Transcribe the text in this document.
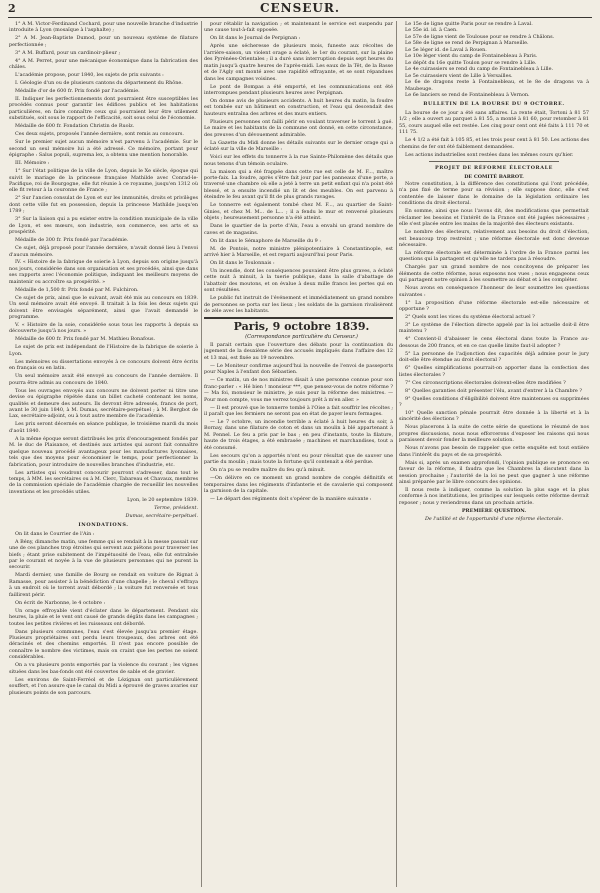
2	CENSEUR.

1° A M. Victor-Ferdinand Cochard, pour une nouvelle branche d'industrie introduite à Lyon (mosaïque à l'asphalte) ;

2° A M. Jean-Baptiste Dumod, pour un nouveau système de filature perfectionnée ;

3° A M. Buffard, pour un cardinoir-plieur ;

4° A M. Perret, pour une mécanique économique dans la fabrication des châles.

L'académie propose, pour 1840, les sujets de prix suivants :

I. Géologie d'un ou de plusieurs cantons du département du Rhône.

Médaille d'or de 600 fr. Prix fondé par l'académie.

II. Indiquer les perfectionnements dont pourraient être susceptibles les procédés connus pour garantir les édifices publics et les habitations particulières, en faire connaître ceux qui pourraient leur être utilement substitués, soit sous le rapport de l'efficacité, soit sous celui de l'économie.

Médaille de 600 fr. Fondation Christin de Ruolz.

Ces deux sujets, proposés l'année dernière, sont remis au concours.

Sur le premier sujet aucun mémoire n'est parvenu à l'académie. Sur le second un seul mémoire lui a été adressé. Ce mémoire, portant pour épigraphe : Salus populi, suprema lex, a obtenu une mention honorable.

III. Mémoire :

1° Sur l'état politique de la ville de Lyon, depuis le Xe siècle, époque qui suivit le mariage de la princesse française Mathilde avec Conrad-le-Pacifique, roi de Bourgogne, elle fut réunie à ce royaume, jusqu'en 1312 où elle fit retour à la couronne de France ;

2° Sur l'ancien consulat de Lyon et sur les immunités, droits et privilèges dont cette ville fut en possession, depuis la princesse Mathilde jusqu'en 1789 ;

3° Sur la liaison qui a pu exister entre la condition municipale de la ville de Lyon, et ses mœurs, son industrie, son commerce, ses arts et sa prospérité.

Médaille de 300 fr. Prix fondé par l'académie.

Ce sujet, déjà proposé pour l'année dernière, n'avait donné lieu à l'envoi d'aucun mémoire.

IV. « Histoire de la fabrique de soierie à Lyon, depuis son origine jusqu'à nos jours, considérée dans son organisation et ses procédés, ainsi que dans ses rapports avec l'économie politique, indiquant les meilleurs moyens de maintenir ou accroître sa prospérité. »

Médaille de 1,500 fr. Prix fondé par M. Fulchiron.

Ce sujet de prix, ainsi que le suivant, avait été mis au concours en 1839. Un seul mémoire avait été envoyé. Il traitait à la fois les deux sujets qui doivent être envisagés séparément, ainsi que l'avait demandé le programme.

V. « Histoire de la soie, considérée sous tous les rapports à depuis sa découverte jusqu'à nos jours. »

Médaille de 600 fr. Prix fondé par M. Mathieu Bonafous.

Le sujet de prix est indépendant de l'Histoire de la fabrique de soierie à Lyon.

Les mémoires ou dissertations envoyés à ce concours doivent être écrits en français ou en latin.

Un seul mémoire avait été envoyé au concours de l'année dernière. Il pourra être admis au concours de 1840.

Tous les ouvrages envoyés aux concours ne doivent porter ni titre une devise ou épigraphe répétée dans un billet cacheté contenant les noms, qualités et demeure des auteurs. Ils devront être adressés, francs de port, avant le 30 juin 1840, à M. Dumas, secrétaire-perpétuel ; à M. Bergbot de Lax, secrétaire-adjoint, ou à tout autre membre de l'académie.

Les prix seront décernés en séance publique, le troisième mardi du mois d'août 1840.

A la même époque seront distribués les prix d'encouragement fondés par M. le duc de Plaisance, et destinés aux artistes qui auront fait connaître quelque nouveau procédé avantageux pour les manufactures lyonnaises, tels que des moyens pour économiser le temps, pour perfectionner la fabrication, pour introduire de nouvelles branches d'industrie, etc.

Les artistes qui voudront concourir pourront s'adresser, dans tout le temps, à MM. les secrétaires ou à M. Clerc, Tabareau et Chavaux, membres de la commission spéciale de l'académie chargée de recueillir les nouvelles inventions et les procédés utiles.

Lyon, le 20 septembre 1839.

Terme, président.

Dumas, secrétaire-perpétuel.

INONDATIONS.

On lit dans le Courrier de l'Ain :

A Bény, dimanche matin, une femme qui se rendait à la messe passait sur une de ces planches trop étroites qui servent aux piétons pour traverser les biefs ; étant prise subitement de l'impétuosité de l'eau, elle fut entraînée par le courant et noyée à la vue de plusieurs personnes qui ne purent la secourir.

Mardi dernier, une famille de Bourg se rendait en voiture de Rignat à Ramasse, pour assister à la bénédiction d'une chapelle ; le cheval s'effraya à un endroit où le torrent avait débordé ; la voiture fut renversée et tous faillirent périr.

On écrit de Narbonne, le 4 octobre :

Un orage effroyable vient d'éclater dans le département. Pendant six heures, la pluie et le vent ont causé de grands dégâts dans les campagnes ; toutes les petites rivières et les ruisseaux ont débordé.

Dans plusieurs communes, l'eau s'est élevée jusqu'au premier étage. Plusieurs propriétaires ont perdu leurs troupeaux, des arbres ont été déracinés et des chemins emportés. Il n'est pas encore possible de connaître le nombre des victimes, mais on craint que les pertes ne soient considérables.

On a vu plusieurs ponts emportés par la violence du courant ; les vignes situées dans les bas-fonds ont été couvertes de sable et de gravier.

Les environs de Saint-Ferréol et de Lézignan ont particulièrement souffert, et l'on assure que le canal du Midi a éprouvé de graves avaries sur plusieurs points de son parcours.

pour rétablir la navigation ; et maintenant le service est suspendu par une cause tout-à-fait opposée.

On lit dans le Journal de Perpignan :

Après une sécheresse de plusieurs mois, funeste aux récoltes de l'arrière-saison, un violent orage a éclaté, le 1er du courant, sur la plaine des Pyrénées-Orientales ; il a duré sans interruption depuis sept heures du matin jusqu'à quatre heures de l'après-midi. Les eaux de la Têt, de la Basse et de l'Agly ont monté avec une rapidité effrayante, et se sont répandues dans les campagnes voisines.

Le pont de Bompas a été emporté, et les communications ont été interrompues pendant plusieurs heures avec Perpignan.

On donne avis de plusieurs accidents. A huit heures du matin, la foudre est tombée sur un bâtiment en construction, et l'eau qui descendait des hauteurs entraîna des arbres et des murs entiers.

Plusieurs personnes ont failli périr en voulant traverser le torrent à gué. Le maire et les habitants de la commune ont donné, en cette circonstance, des preuves d'un dévouement admirable.

La Gazette du Midi donne les détails suivants sur le dernier orage qui a éclaté sur la ville de Marseille :

Voici sur les effets du tonnerre à la rue Sainte-Philomène des détails que nous tenons d'un témoin oculaire.

La maison qui a été frappée dans cette rue est celle de M. F..., maître porte-faix. La foudre, après s'être fait jour par les panneaux d'une porte, a traversé une chambre où elle a jeté à terre un petit enfant qui n'a point été blessé, et a ensuite incendié un lit et des meubles. On est parvenu à éteindre le feu avant qu'il fit de plus grands ravages.

Le tonnerre est également tombé chez M. F..., au quartier de Saint-Ginies, et chez M. M... de L... ; il a fendu le mur et renversé plusieurs objets ; heureusement personne n'a été atteint.

Dans le quartier de la porte d'Aix, l'eau a envahi un grand nombre de caves et de magasins.

On lit dans le Sémaphore de Marseille du 9 :

M. de Pontois, notre ministre plénipotentiaire à Constantinople, est arrivé hier à Marseille, et est reparti aujourd'hui pour Paris.

On lit dans le Toulonnais :

Un incendie, dont les conséquences pouvaient être plus graves, a éclaté cette nuit à minuit, à la tuerie publique, dans la salle d'abattage de l'abattoir des moutons, et on évalue à deux mille francs les pertes qui en sont résultées.

Le public fut instruit de l'événement et immédiatement un grand nombre de personnes se porta sur les lieux ; les soldats de la garnison rivalisèrent de zèle avec les habitants.

Paris, 9 octobre 1839.

(Correspondance particulière du Censeur.)

Il parait certain que l'ouverture des débats pour la continuation du jugement de la deuxième série des accusés impliqués dans l'affaire des 12 et 13 mai, est fixée au 19 novembre.

— Le Moniteur confirme aujourd'hui la nouvelle de l'envoi de passeports pour Naples à l'enfant don Sébastien.

— Ce matin, un de nos ministres disait à une personne connue pour son franc-parler : « Hé bien ! monsieur ***, que pensez-vous de notre réforme ? — Ma foi, monsieur le ministre, je suis pour la réforme des ministres. — Pour mon compte, vous me verrez toujours prêt à m'en aller. »

— Il est prouvé que le tonnerre tombé à l'Oise a fait souffrir les récoltes ; il paraît que les fermiers ne seront pas en état de payer leurs fermages.

— Le 7 octobre, un incendie terrible a éclaté à huit heures du soir, à Bornay, dans une filature de coton et dans un moulin à blé appartenant à M. Pennel. Le feu a pris par le bas ; en peu d'instants, toute la filature, haute de trois étages, a été embrasée ; machines et marchandises, tout a été consumé.

Les secours qu'on a apportés n'ont eu pour résultat que de sauver une partie du moulin ; mais toute la fortune qu'il contenait a été perdue.

On n'a pu se rendre maître du feu qu'à minuit.

—On délivre en ce moment un grand nombre de congés définitifs et temporaires dans les régiments d'infanterie et de cavalerie qui composent la garnison de la capitale.

— Le départ des régiments doit s'opérer de la manière suivante :

Le 15e de ligne quitte Paris pour se rendre à Laval.

Le 55e id. id. à Caen.

Le 57e de ligne vient de Toulouse pour se rendre à Châlons.

Le 58e de ligne se rend de Perpignan à Marseille.

Le 5e léger id. de Laval à Rouen.

Le 10e léger vient du camp de Fontainebleau à Paris.

Le dépôt du 16e quitte Toulon pour se rendre à Lille.

Le 4e cuirassiers se rend du camp de Fontainebleau à Lille.

Le 5e cuirassiers vient de Lille à Versailles.

Le 6e de dragons reste à Fontainebleau, et le 8e de dragons va à Maubeuge.

Le 6e lanciers se rend de Fontainebleau à Vernon.

BULLETIN DE LA BOURSE DU 9 OCTOBRE.

La bourse de ce jour a été sans affaires. La rente était, Tortoni à 81 57 1/2 ; elle a ouvert au parquet à 81 55, a monté à 81 60, pour retomber à 81 55, cours auquel elle est restée. Les cinq pour cent ont été faits à 111 70 et 111 75.

Le 4 1/2 a été fait à 105 85, et les trois pour cent à 81 50. Les actions des chemins de fer ont été faiblement demandées.

Les actions industrielles sont restées dans les mêmes cours qu'hier.

PROJET DE RÉFORME ÉLECTORALE

DE COMITÉ BARROT.

Notre constitution, à la différence des constitutions qui l'ont précédée, n'a pas fixé de terme pour sa révision ; elle suppose donc, elle s'est contentée de laisser dans le domaine de la législation ordinaire les conditions du droit électoral.

En somme, ainsi que nous l'avons dit, des modifications que permettait réclamer les besoins et l'intérêt de la France ont été jugées nécessaires ; elle s'est placée entre les mains de la majorité des électeurs existants.

Le nombre des électeurs, relativement aux besoins du droit d'élection, est beaucoup trop restreint ; une réforme électorale est donc devenue nécessaire.

La réforme électorale est déterminée à l'ordre de la France parmi les questions qui la partagent et qu'elle ne tardera pas à résoudre.

Chargés par un grand nombre de nos concitoyens de préparer les éléments de cette réforme, nous exposons nos vues ; nous engageons ceux qui partagent notre opinion à les soumettre au débat et à les compléter.

Nous avons en conséquence l'honneur de leur soumettre les questions suivantes :

1° La proposition d'une réforme électorale est-elle nécessaire et opportune ?

2° Quels sont les vices du système électoral actuel ?

3° Le système de l'élection directe appelé par la loi actuelle doit-il être maintenu ?

4° Convient-il d'abaisser le cens électoral dans toute la France au-dessous de 200 francs, et en ce cas quelle limite faut-il adopter ?

5° La personne de l'adjonction des capacités déjà admise pour le jury doit-elle être étendue au droit électoral ?

6° Quelles simplifications pourrait-on apporter dans la confection des listes électorales ?

7° Ces circonscriptions électorales doivent-elles être modifiées ?

8° Quelles garanties doit présenter l'élu, avant d'entrer à la Chambre ?

9° Quelles conditions d'éligibilité doivent être maintenues ou supprimées ?

10° Quelle sanction pénale pourrait être donnée à la liberté et à la sincérité des élections ?

Nous placerons à la suite de cette série de questions le résumé de nos propres discussions, nous nous efforcerons d'exposer les raisons qui nous paraissent devoir fonder la meilleure solution.

Nous n'avons pas besoin de rappeler que cette enquête est tout entière dans l'intérêt du pays et de sa prospérité.

Mais si, après un examen approfondi, l'opinion publique se prononce en faveur de la réforme, il faudra que les Chambres la discutent dans la session prochaine ; l'autorité de la loi ne peut que gagner à une réforme ainsi préparée par le libre concours des opinions.

Il nous reste à indiquer, comme la solution la plus sage et la plus conforme à nos institutions, les principes sur lesquels cette réforme devrait reposer ; nous y reviendrons dans un prochain article.

PREMIÈRE QUESTION.

De l'utilité et de l'opportunité d'une réforme électorale.
